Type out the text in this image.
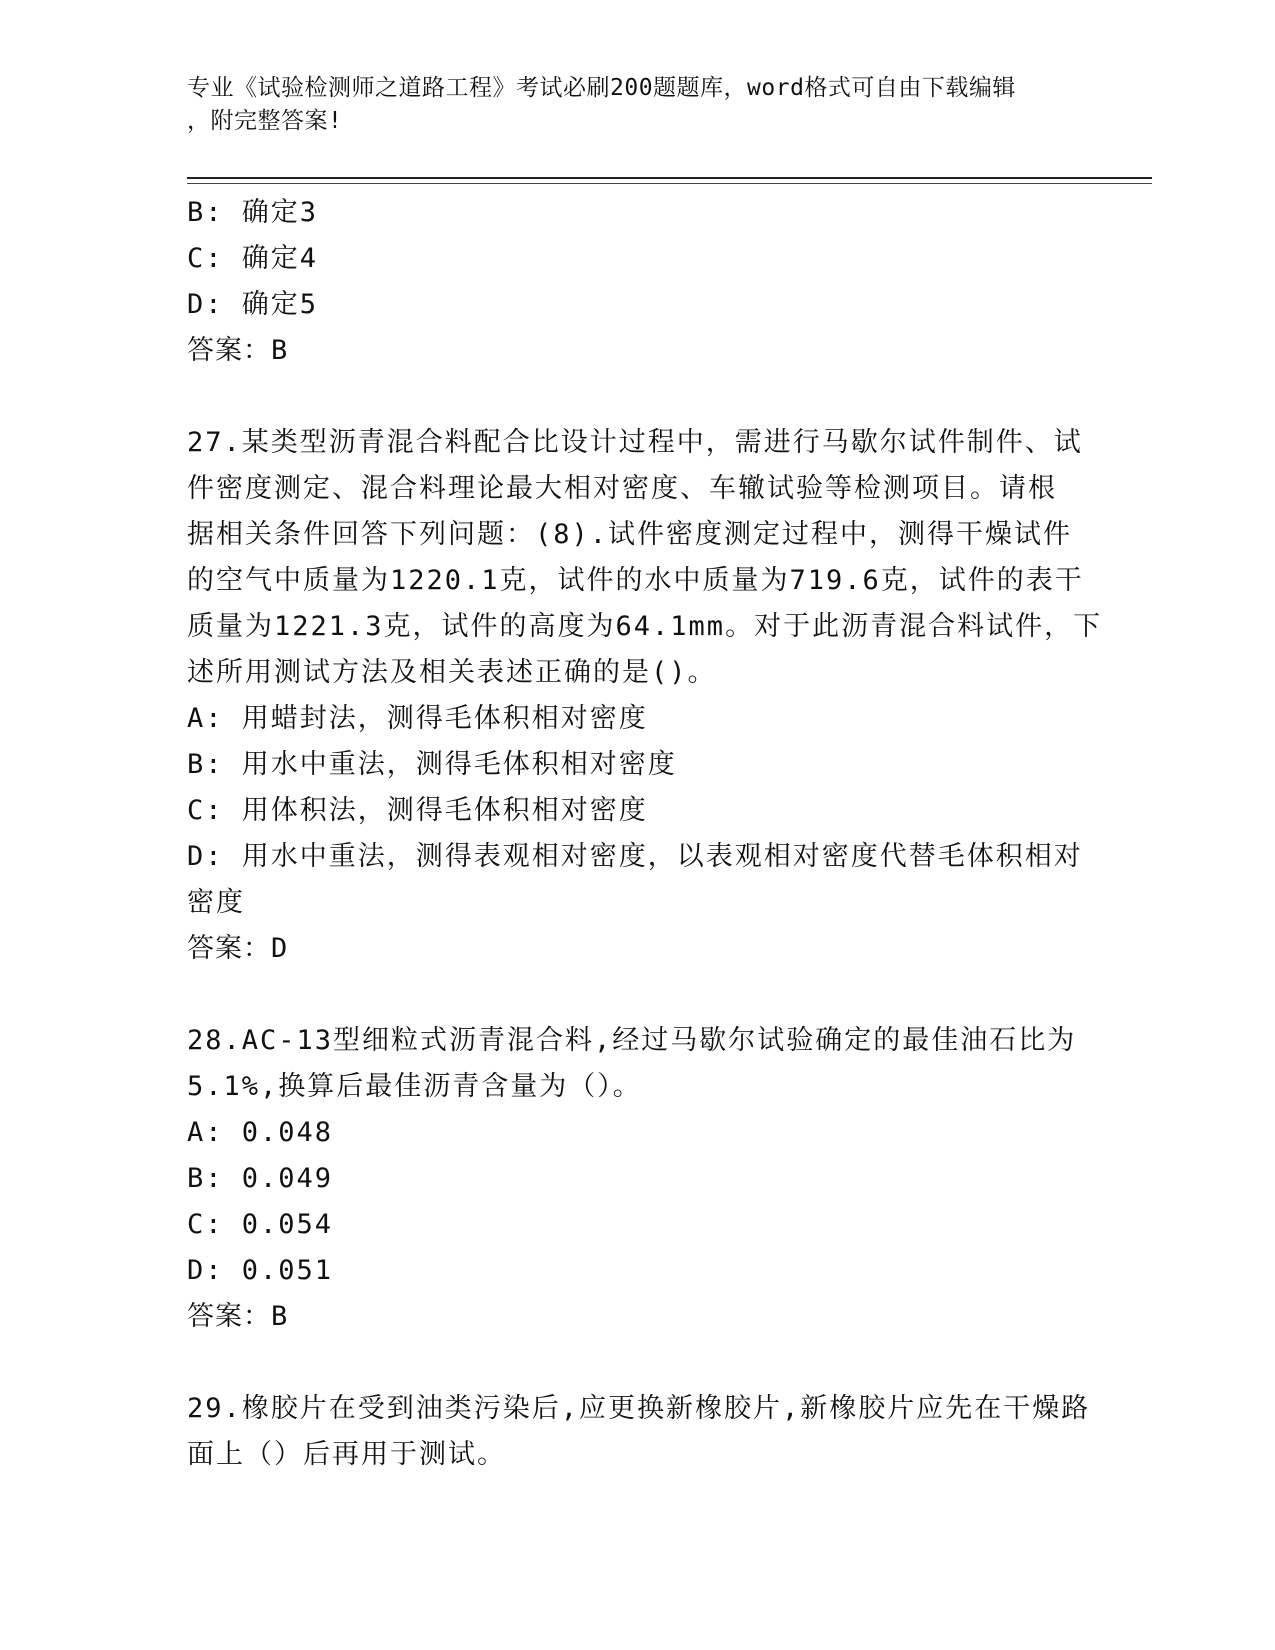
专业《试验检测师之道路工程》考试必刷200题题库，word格式可自由下载编辑
，附完整答案!
B: 确定3
C: 确定4
D: 确定5
答案：B
27.某类型沥青混合料配合比设计过程中，需进行马歇尔试件制件、试
件密度测定、混合料理论最大相对密度、车辙试验等检测项目。请根
据相关条件回答下列问题：(8).试件密度测定过程中，测得干燥试件
的空气中质量为1220.1克，试件的水中质量为719.6克，试件的表干
质量为1221.3克，试件的高度为64.1mm。对于此沥青混合料试件，下
述所用测试方法及相关表述正确的是()。
A: 用蜡封法，测得毛体积相对密度
B: 用水中重法，测得毛体积相对密度
C: 用体积法，测得毛体积相对密度
D: 用水中重法，测得表观相对密度，以表观相对密度代替毛体积相对
密度
答案：D
28.AC-13型细粒式沥青混合料,经过马歇尔试验确定的最佳油石比为
5.1%,换算后最佳沥青含量为（）。
A: 0.048
B: 0.049
C: 0.054
D: 0.051
答案：B
29.橡胶片在受到油类污染后,应更换新橡胶片,新橡胶片应先在干燥路
面上（）后再用于测试。
